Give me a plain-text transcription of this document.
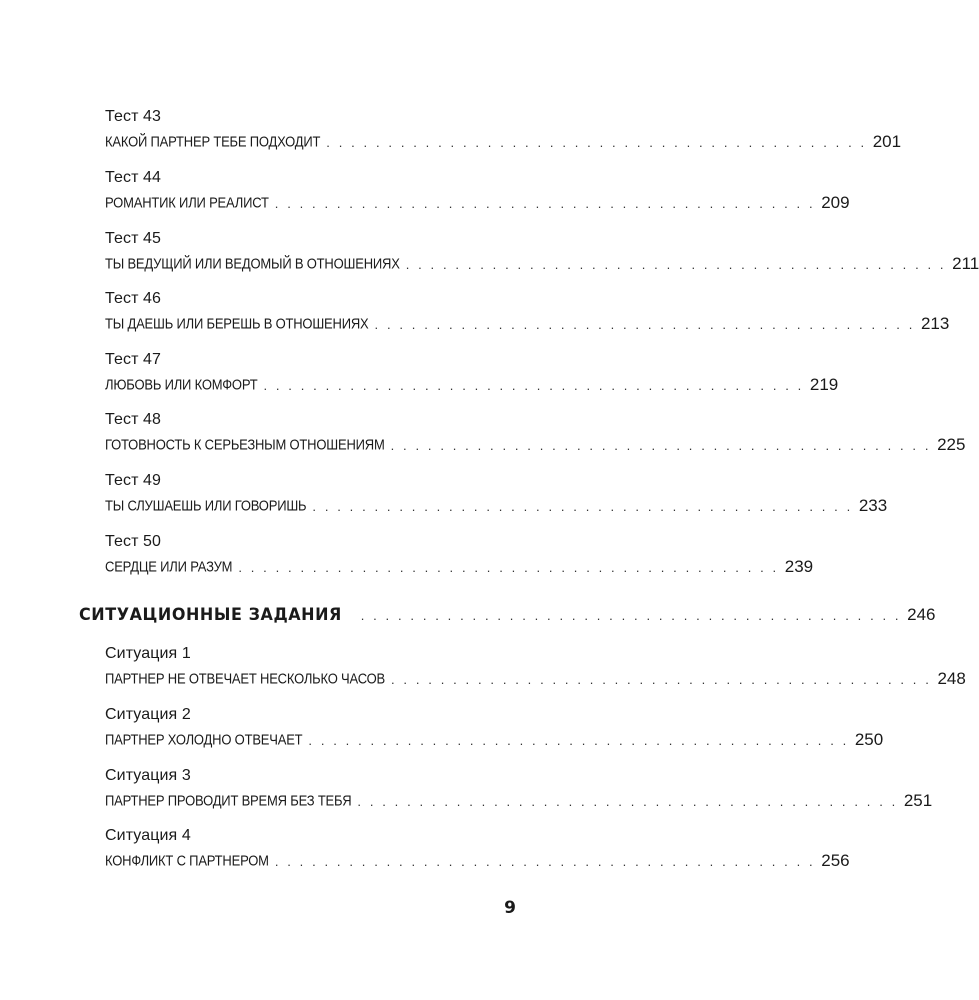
Тест 43
КАКОЙ ПАРТНЕР ТЕБЕ ПОДХОДИТ . . . . . . . . . . . . . . . . . . . . . . . . . . . . . . . . . . . . . . . . . . . . 201
Тест 44
РОМАНТИК ИЛИ РЕАЛИСТ . . . . . . . . . . . . . . . . . . . . . . . . . . . . . . . . . . . . . . . . . . . . 209
Тест 45
ТЫ ВЕДУЩИЙ ИЛИ ВЕДОМЫЙ В ОТНОШЕНИЯХ . . . . . . . . . . . . . . . . . . . . . . . . . . . . . . . . . . . . . . . . . . . . 211
Тест 46
ТЫ ДАЕШЬ ИЛИ БЕРЕШЬ В ОТНОШЕНИЯХ . . . . . . . . . . . . . . . . . . . . . . . . . . . . . . . . . . . . . . . . . . . . 213
Тест 47
ЛЮБОВЬ ИЛИ КОМФОРТ . . . . . . . . . . . . . . . . . . . . . . . . . . . . . . . . . . . . . . . . . . . . 219
Тест 48
ГОТОВНОСТЬ К СЕРЬЕЗНЫМ ОТНОШЕНИЯМ . . . . . . . . . . . . . . . . . . . . . . . . . . . . . . . . . . . . . . . . . . . . 225
Тест 49
ТЫ СЛУШАЕШЬ ИЛИ ГОВОРИШЬ . . . . . . . . . . . . . . . . . . . . . . . . . . . . . . . . . . . . . . . . . . . . 233
Тест 50
СЕРДЦЕ ИЛИ РАЗУМ . . . . . . . . . . . . . . . . . . . . . . . . . . . . . . . . . . . . . . . . . . . . 239
СИТУАЦИОННЫЕ ЗАДАНИЯ . . . . . . . . . . . . . . . . . . . . . . . . . . . . . . . . . . . . . . . . . . . . 246
Ситуация 1
ПАРТНЕР НЕ ОТВЕЧАЕТ НЕСКОЛЬКО ЧАСОВ . . . . . . . . . . . . . . . . . . . . . . . . . . . . . . . . . . . . . . . . . . . . 248
Ситуация 2
ПАРТНЕР ХОЛОДНО ОТВЕЧАЕТ . . . . . . . . . . . . . . . . . . . . . . . . . . . . . . . . . . . . . . . . . . . . 250
Ситуация 3
ПАРТНЕР ПРОВОДИТ ВРЕМЯ БЕЗ ТЕБЯ . . . . . . . . . . . . . . . . . . . . . . . . . . . . . . . . . . . . . . . . . . . . 251
Ситуация 4
КОНФЛИКТ С ПАРТНЕРОМ . . . . . . . . . . . . . . . . . . . . . . . . . . . . . . . . . . . . . . . . . . . . 256
9
